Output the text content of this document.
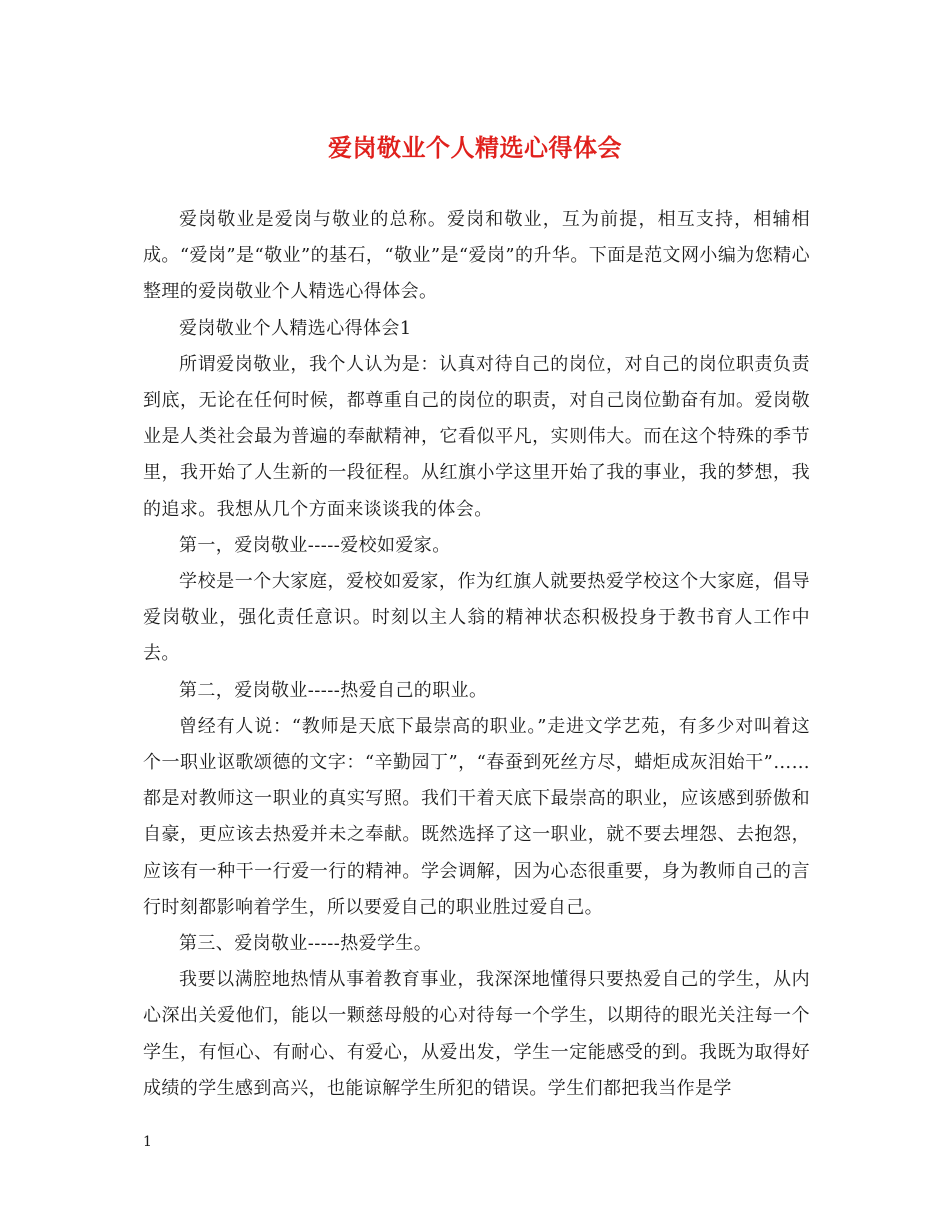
爱岗敬业个人精选心得体会

爱岗敬业是爱岗与敬业的总称。爱岗和敬业，互为前提，相互支持，相辅相成。“爱岗”是“敬业”的基石，“敬业”是“爱岗”的升华。下面是范文网小编为您精心整理的爱岗敬业个人精选心得体会。

爱岗敬业个人精选心得体会1

所谓爱岗敬业，我个人认为是：认真对待自己的岗位，对自己的岗位职责负责到底，无论在任何时候，都尊重自己的岗位的职责，对自己岗位勤奋有加。爱岗敬业是人类社会最为普遍的奉献精神，它看似平凡，实则伟大。而在这个特殊的季节里，我开始了人生新的一段征程。从红旗小学这里开始了我的事业，我的梦想，我的追求。我想从几个方面来谈谈我的体会。

第一，爱岗敬业-----爱校如爱家。

学校是一个大家庭，爱校如爱家，作为红旗人就要热爱学校这个大家庭，倡导爱岗敬业，强化责任意识。时刻以主人翁的精神状态积极投身于教书育人工作中去。

第二，爱岗敬业-----热爱自己的职业。

曾经有人说：“教师是天底下最崇高的职业。”走进文学艺苑，有多少对叫着这个一职业讴歌颂德的文字：“辛勤园丁”，“春蚕到死丝方尽，蜡炬成灰泪始干”……都是对教师这一职业的真实写照。我们干着天底下最崇高的职业，应该感到骄傲和自豪，更应该去热爱并未之奉献。既然选择了这一职业，就不要去埋怨、去抱怨，应该有一种干一行爱一行的精神。学会调解，因为心态很重要，身为教师自己的言行时刻都影响着学生，所以要爱自己的职业胜过爱自己。

第三、爱岗敬业-----热爱学生。

我要以满腔地热情从事着教育事业，我深深地懂得只要热爱自己的学生，从内心深出关爱他们，能以一颗慈母般的心对待每一个学生，以期待的眼光关注每一个学生，有恒心、有耐心、有爱心，从爱出发，学生一定能感受的到。我既为取得好成绩的学生感到高兴，也能谅解学生所犯的错误。学生们都把我当作是学

1
